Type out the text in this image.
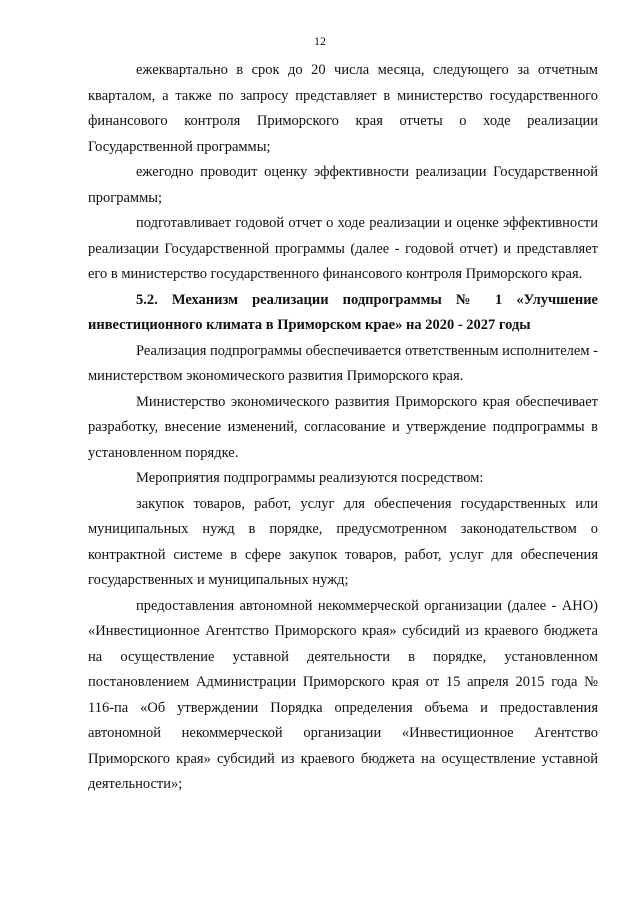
12

ежеквартально в срок до 20 числа месяца, следующего за отчетным кварталом, а также по запросу представляет в министерство государственного финансового контроля Приморского края отчеты о ходе реализации Государственной программы;

ежегодно проводит оценку эффективности реализации Государственной программы;

подготавливает годовой отчет о ходе реализации и оценке эффективности реализации Государственной программы (далее - годовой отчет) и представляет его в министерство государственного финансового контроля Приморского края.

5.2. Механизм реализации подпрограммы № 1 «Улучшение инвестиционного климата в Приморском крае» на 2020 - 2027 годы

Реализация подпрограммы обеспечивается ответственным исполнителем - министерством экономического развития Приморского края.

Министерство экономического развития Приморского края обеспечивает разработку, внесение изменений, согласование и утверждение подпрограммы в установленном порядке.

Мероприятия подпрограммы реализуются посредством:

закупок товаров, работ, услуг для обеспечения государственных или муниципальных нужд в порядке, предусмотренном законодательством о контрактной системе в сфере закупок товаров, работ, услуг для обеспечения государственных и муниципальных нужд;

предоставления автономной некоммерческой организации (далее - АНО) «Инвестиционное Агентство Приморского края» субсидий из краевого бюджета на осуществление уставной деятельности в порядке, установленном постановлением Администрации Приморского края от 15 апреля 2015 года № 116-па «Об утверждении Порядка определения объема и предоставления автономной некоммерческой организации «Инвестиционное Агентство Приморского края» субсидий из краевого бюджета на осуществление уставной деятельности»;
